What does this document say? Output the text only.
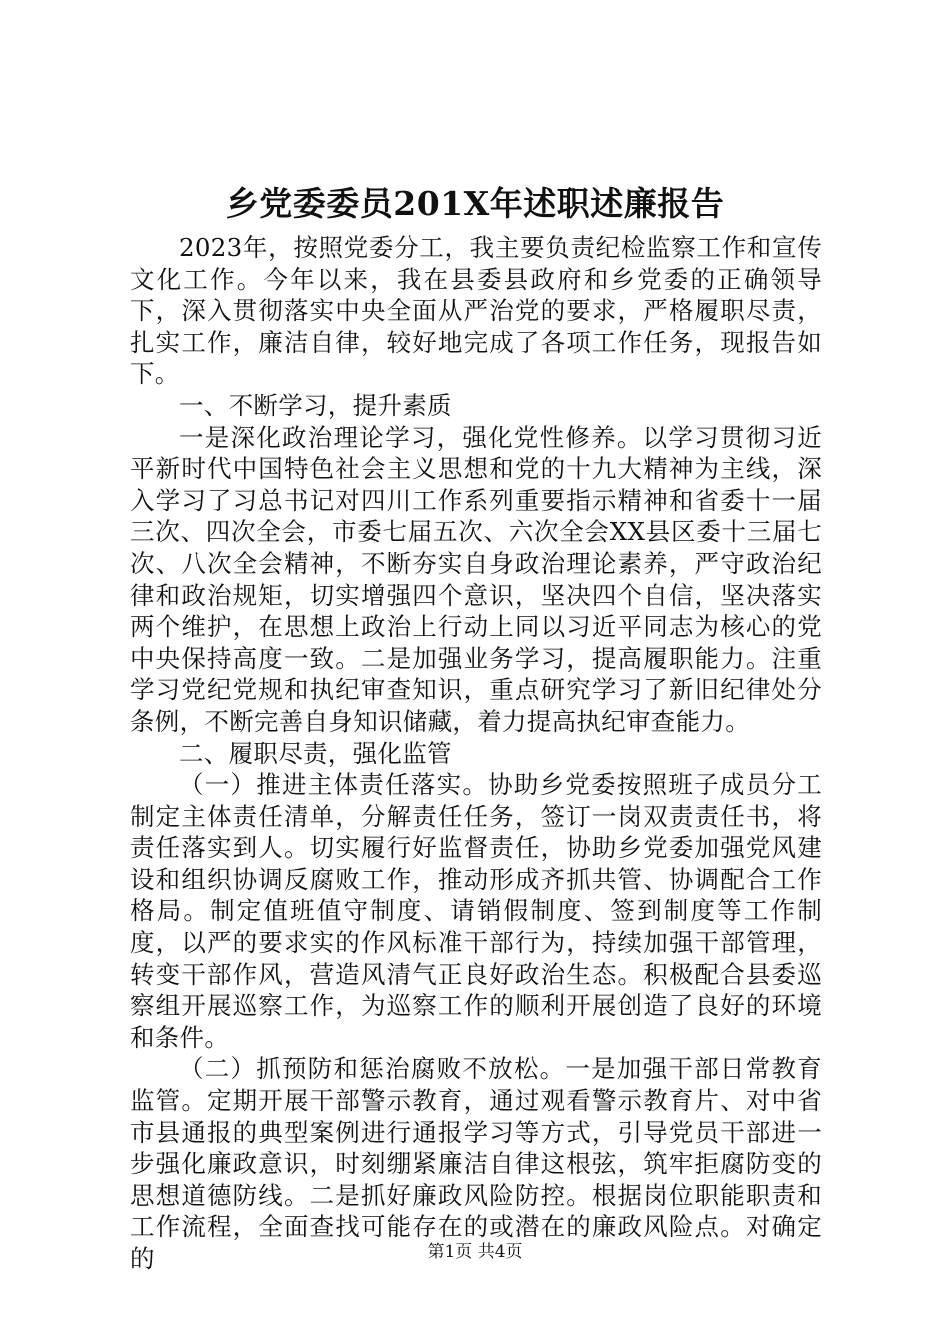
乡党委委员201X年述职述廉报告

2023年，按照党委分工，我主要负责纪检监察工作和宣传文化工作。今年以来，我在县委县政府和乡党委的正确领导下，深入贯彻落实中央全面从严治党的要求，严格履职尽责，扎实工作，廉洁自律，较好地完成了各项工作任务，现报告如下。

一、不断学习，提升素质

一是深化政治理论学习，强化党性修养。以学习贯彻习近平新时代中国特色社会主义思想和党的十九大精神为主线，深入学习了习总书记对四川工作系列重要指示精神和省委十一届三次、四次全会，市委七届五次、六次全会XX县区委十三届七次、八次全会精神，不断夯实自身政治理论素养，严守政治纪律和政治规矩，切实增强四个意识，坚决四个自信，坚决落实两个维护，在思想上政治上行动上同以习近平同志为核心的党中央保持高度一致。二是加强业务学习，提高履职能力。注重学习党纪党规和执纪审查知识，重点研究学习了新旧纪律处分条例，不断完善自身知识储藏，着力提高执纪审查能力。

二、履职尽责，强化监管

（一）推进主体责任落实。协助乡党委按照班子成员分工制定主体责任清单，分解责任任务，签订一岗双责责任书，将责任落实到人。切实履行好监督责任，协助乡党委加强党风建设和组织协调反腐败工作，推动形成齐抓共管、协调配合工作格局。制定值班值守制度、请销假制度、签到制度等工作制度，以严的要求实的作风标准干部行为，持续加强干部管理，转变干部作风，营造风清气正良好政治生态。积极配合县委巡察组开展巡察工作，为巡察工作的顺利开展创造了良好的环境和条件。

（二）抓预防和惩治腐败不放松。一是加强干部日常教育监管。定期开展干部警示教育，通过观看警示教育片、对中省市县通报的典型案例进行通报学习等方式，引导党员干部进一步强化廉政意识，时刻绷紧廉洁自律这根弦，筑牢拒腐防变的思想道德防线。二是抓好廉政风险防控。根据岗位职能职责和工作流程，全面查找可能存在的或潜在的廉政风险点。对确定的	第1页 共4页
